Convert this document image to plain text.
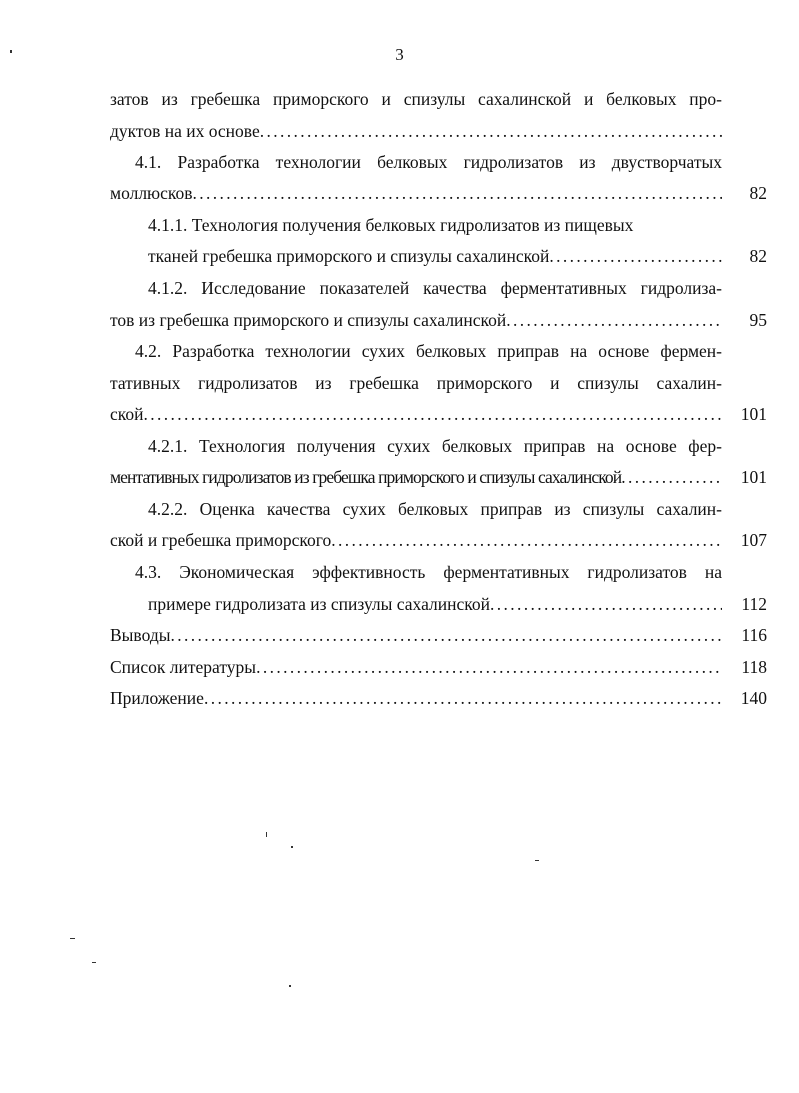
3
затов из гребешка приморского и спизулы сахалинской и белковых про-
дуктов на их основе
. . .
4.1. Разработка технологии белковых гидролизатов из двустворчатых
моллюсков . . .	82
4.1.1. Технология получения белковых гидролизатов из пищевых
тканей гребешка приморского и спизулы сахалинской . . .	82
4.1.2. Исследование показателей качества ферментативных гидролиза-
тов из гребешка приморского и спизулы сахалинской . . .	95
4.2. Разработка технологии сухих белковых приправ на основе фермен-
тативных гидролизатов из гребешка приморского и спизулы сахалин-
ской . . .	101
4.2.1. Технология получения сухих белковых приправ на основе фер-
ментативных гидролизатов из гребешка приморского и спизулы сахалинской . . .	101
4.2.2. Оценка качества сухих белковых приправ из спизулы сахалин-
ской и гребешка приморского . . .	107
4.3. Экономическая эффективность ферментативных гидролизатов на
примере гидролизата из спизулы сахалинской . . .	112
Выводы . . .	116
Список литературы . . .	118
Приложение . . .	140
